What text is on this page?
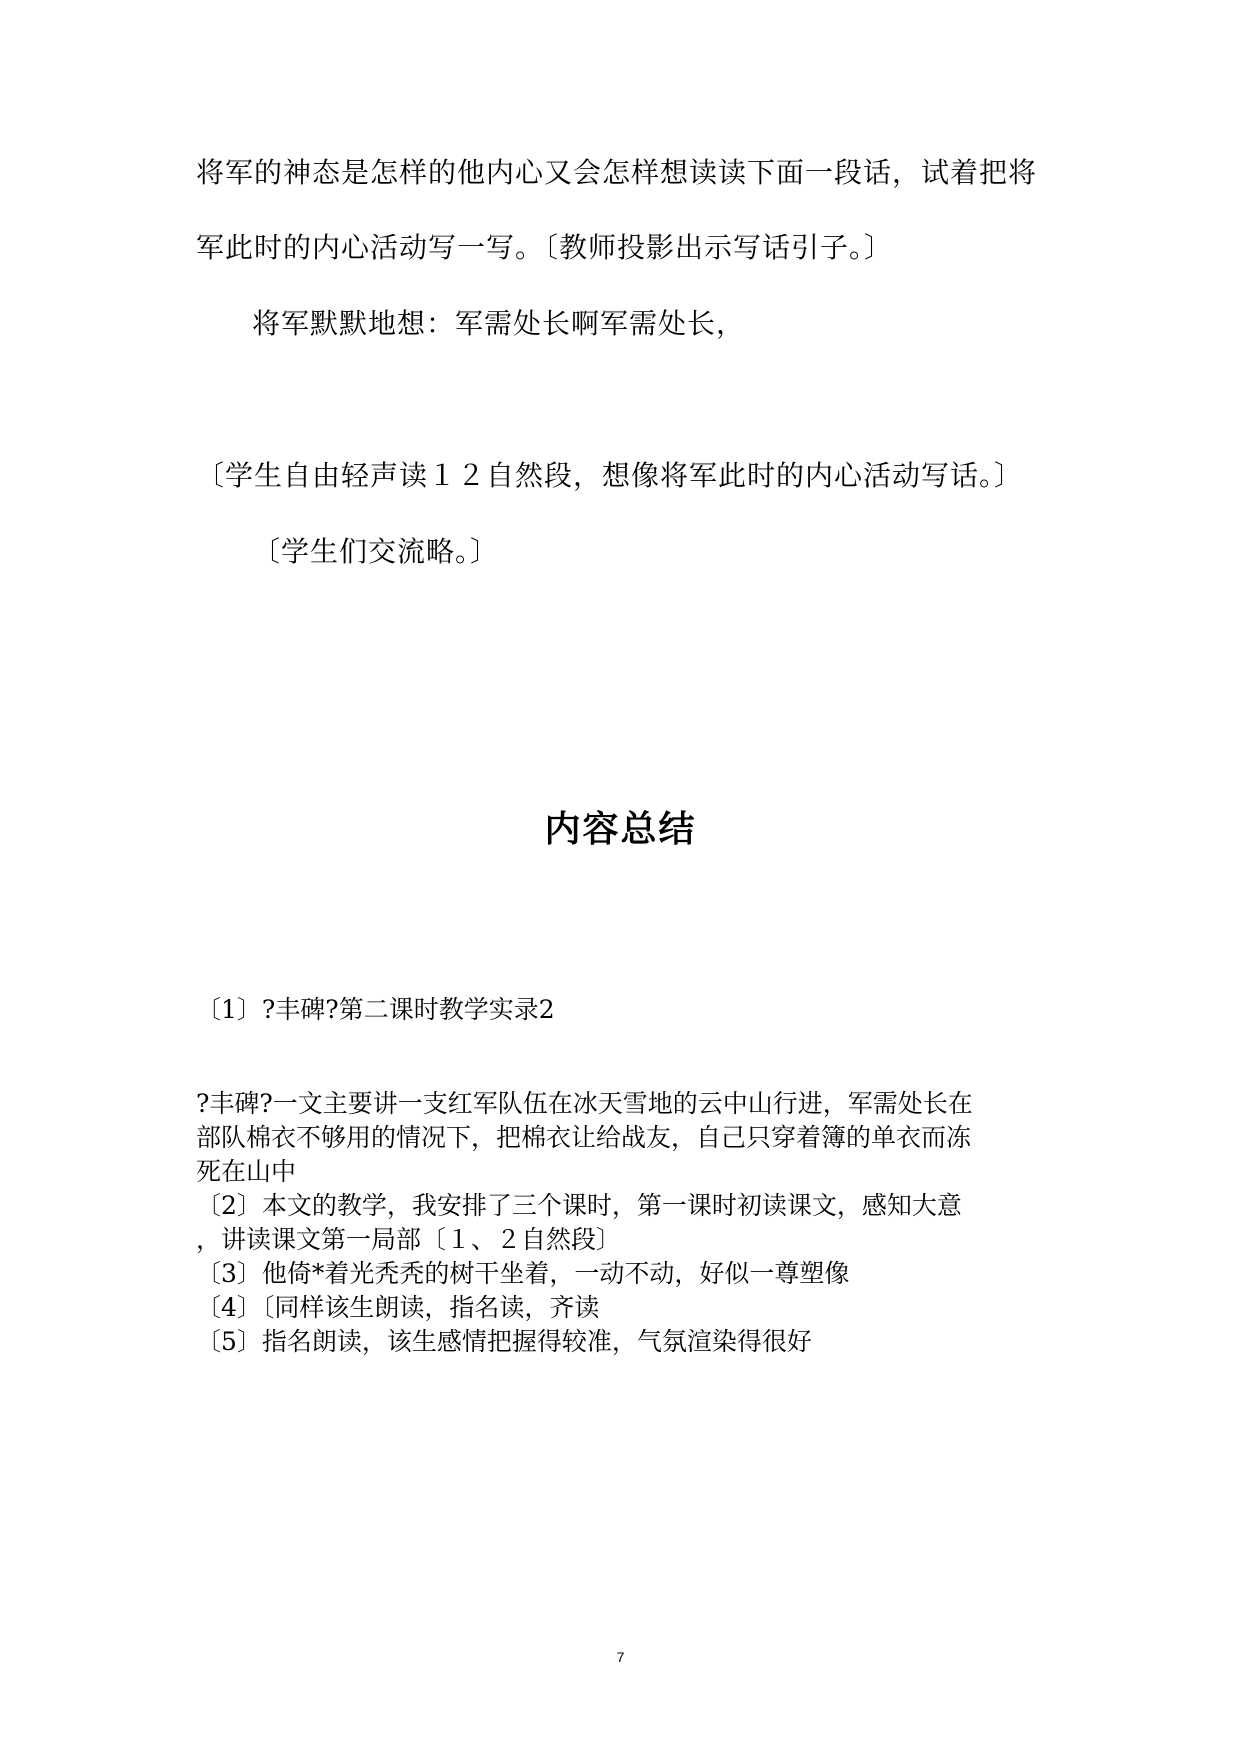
将军的神态是怎样的他内心又会怎样想读读下面一段话，试着把将
军此时的内心活动写一写。〔教师投影出示写话引子。〕
将军默默地想：军需处长啊军需处长，
〔学生自由轻声读１２自然段，想像将军此时的内心活动写话。〕
〔学生们交流略。〕
内容总结
〔1〕?丰碑?第二课时教学实录2
?丰碑?一文主要讲一支红军队伍在冰天雪地的云中山行进，军需处长在
部队棉衣不够用的情况下，把棉衣让给战友，自己只穿着簿的单衣而冻
死在山中
〔2〕本文的教学，我安排了三个课时，第一课时初读课文，感知大意
，讲读课文第一局部〔１、２自然段〕
〔3〕他倚*着光秃秃的树干坐着，一动不动，好似一尊塑像
〔4〕〔同样该生朗读，指名读，齐读
〔5〕指名朗读，该生感情把握得较准，气氛渲染得很好
7
